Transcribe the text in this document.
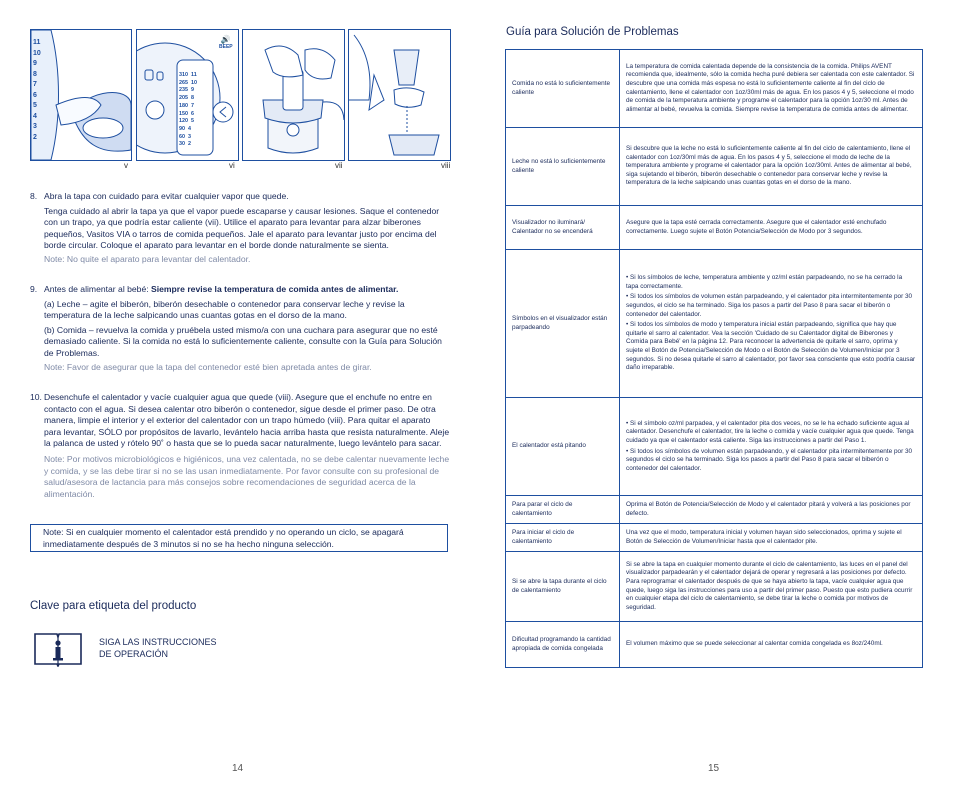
11
10
9
8
7
6
5
4
3
2
v
🔊
BEEP
310 11
265 10
235 9
205 8
180 7
150 6
120 5
90 4
60 3
30 2
vi	vii	viii
8. Abra la tapa con cuidado para evitar cualquier vapor que quede.

Tenga cuidado al abrir la tapa ya que el vapor puede escaparse y causar lesiones. Saque el contenedor con un trapo, ya que podría estar caliente (vii). Utilice el aparato para levantar para alzar biberones pequeños, Vasitos VIA o tarros de comida pequeños. Jale el aparato para levantar justo por encima del borde circular. Coloque el aparato para levantar en el borde donde naturalmente se sienta.

Note: No quite el aparato para levantar del calentador.

9. Antes de alimentar al bebé: Siempre revise la temperatura de comida antes de alimentar.

(a) Leche – agite el biberón, biberón desechable o contenedor para conservar leche y revise la temperatura de la leche salpicando unas cuantas gotas en el dorso de la mano.

(b) Comida – revuelva la comida y pruébela usted mismo/a con una cuchara para asegurar que no esté demasiado caliente. Si la comida no está lo suficientemente caliente, consulte con la Guía para Solución de Problemas.

Note: Favor de asegurar que la tapa del contenedor esté bien apretada antes de girar.

10. Desenchufe el calentador y vacíe cualquier agua que quede (viii). Asegure que el enchufe no entre en contacto con el agua. Si desea calentar otro biberón o contenedor, sigue desde el primer paso. De otra manera, limpie el interior y el exterior del calentador con un trapo húmedo (viii). Para quitar el aparato para levantar, SÓLO por propósitos de lavarlo, levántelo hacia arriba hasta que resista naturalmente. Aleje la palanca de usted y rótelo 90˚ o hasta que se lo pueda sacar naturalmente, luego levántelo para sacar.

Note: Por motivos microbiológicos e higiénicos, una vez calentada, no se debe calentar nuevamente leche y comida, y se las debe tirar si no se las usan inmediatamente. Por favor consulte con su profesional de salud/asesora de lactancia para más consejos sobre recomendaciones de seguridad acerca de la alimentación.

Note: Si en cualquier momento el calentador está prendido y no operando un ciclo, se apagará inmediatamente después de 3 minutos si no se ha hecho ninguna selección.
Clave para etiqueta del producto
SIGA LAS INSTRUCCIONES
DE OPERACIÓN
14
Guía para Solución de Problemas
Comida no está lo suficientemente caliente	La temperatura de comida calentada depende de la consistencia de la comida. Philips AVENT recomienda que, idealmente, sólo la comida hecha puré debiera ser calentada con este calentador. Si descubre que una comida más espesa no está lo suficientemente caliente al fin del ciclo de calentamiento, llene el calentador con 1oz/30ml más de agua. En los pasos 4 y 5, seleccione el modo de comida de la temperatura ambiente y programe el calentador para la opción 1oz/30 ml. Antes de alimentar al bebé, revuelva la comida. Siempre revise la temperatura de comida antes de alimentar.

Leche no está lo suficientemente caliente	Si descubre que la leche no está lo suficientemente caliente al fin del ciclo de calentamiento, llene el calentador con 1oz/30ml más de agua. En los pasos 4 y 5, seleccione el modo de leche de la temperatura ambiente y programe el calentador para la opción 1oz/30ml. Antes de alimentar al bebé, siga sujetando el biberón, biberón desechable o contenedor para conservar leche y revise la temperatura de la leche salpicando unas cuantas gotas en el dorso de la mano.

Visualizador no iluminará/ Calentador no se encenderá	Asegure que la tapa esté cerrada correctamente. Asegure que el calentador esté enchufado correctamente. Luego sujete el Botón Potencia/Selección de Modo por 3 segundos.

Símbolos en el visualizador están parpadeando	• Si los símbolos de leche, temperatura ambiente y oz/ml están parpadeando, no se ha cerrado la tapa correctamente.
• Si todos los símbolos de volumen están parpadeando, y el calentador pita intermitentemente por 30 segundos, el ciclo se ha terminado. Siga los pasos a partir del Paso 8 para sacar el biberón o contenedor del calentador.
• Si todos los símbolos de modo y temperatura inicial están parpadeando, significa que hay que quitarle el sarro al calentador. Vea la sección 'Cuidado de su Calentador digital de Biberones y Comida para Bebé' en la página 12. Para reconocer la advertencia de quitarle el sarro, oprima y sujete el Botón de Potencia/Selección de Modo o el Botón de Selección de Volumen/Iniciar por 3 segundos. Si no desea quitarle el sarro al calentador, por favor sea consciente que esto podría causar daño irreparable.

El calentador está pitando	• Si el símbolo oz/ml parpadea, y el calentador pita dos veces, no se le ha echado suficiente agua al calentador. Desenchufe el calentador, tire la leche o comida y vacíe cualquier agua que quede. Tenga cuidado ya que el calentador está caliente. Siga las instrucciones a partir del Paso 1.
• Si todos los símbolos de volumen están parpadeando, y el calentador pita intermitentemente por 30 segundos el ciclo se ha terminado. Siga los pasos a partir del Paso 8 para sacar el biberón o contenedor del calentador.

Para parar el ciclo de calentamiento	Oprima el Botón de Potencia/Selección de Modo y el calentador pitará y volverá a las posiciones por defecto.

Para iniciar el ciclo de calentamiento	Una vez que el modo, temperatura inicial y volumen hayan sido seleccionados, oprima y sujete el Botón de Selección de Volumen/Iniciar hasta que el calentador pite.

Si se abre la tapa durante el ciclo de calentamiento	Si se abre la tapa en cualquier momento durante el ciclo de calentamiento, las luces en el panel del visualizador parpadearán y el calentador dejará de operar y regresará a las posiciones por defecto. Para reprogramar el calentador después de que se haya abierto la tapa, vacíe cualquier agua que quede, luego siga las instrucciones para uso a partir del primer paso. Puesto que esto pudiera ocurrir en cualquier etapa del ciclo de calentamiento, se debe tirar la leche o comida por motivos de seguridad.

Dificultad programando la cantidad apropiada de comida congelada	El volumen máximo que se puede seleccionar al calentar comida congelada es 8oz/240ml.
15
